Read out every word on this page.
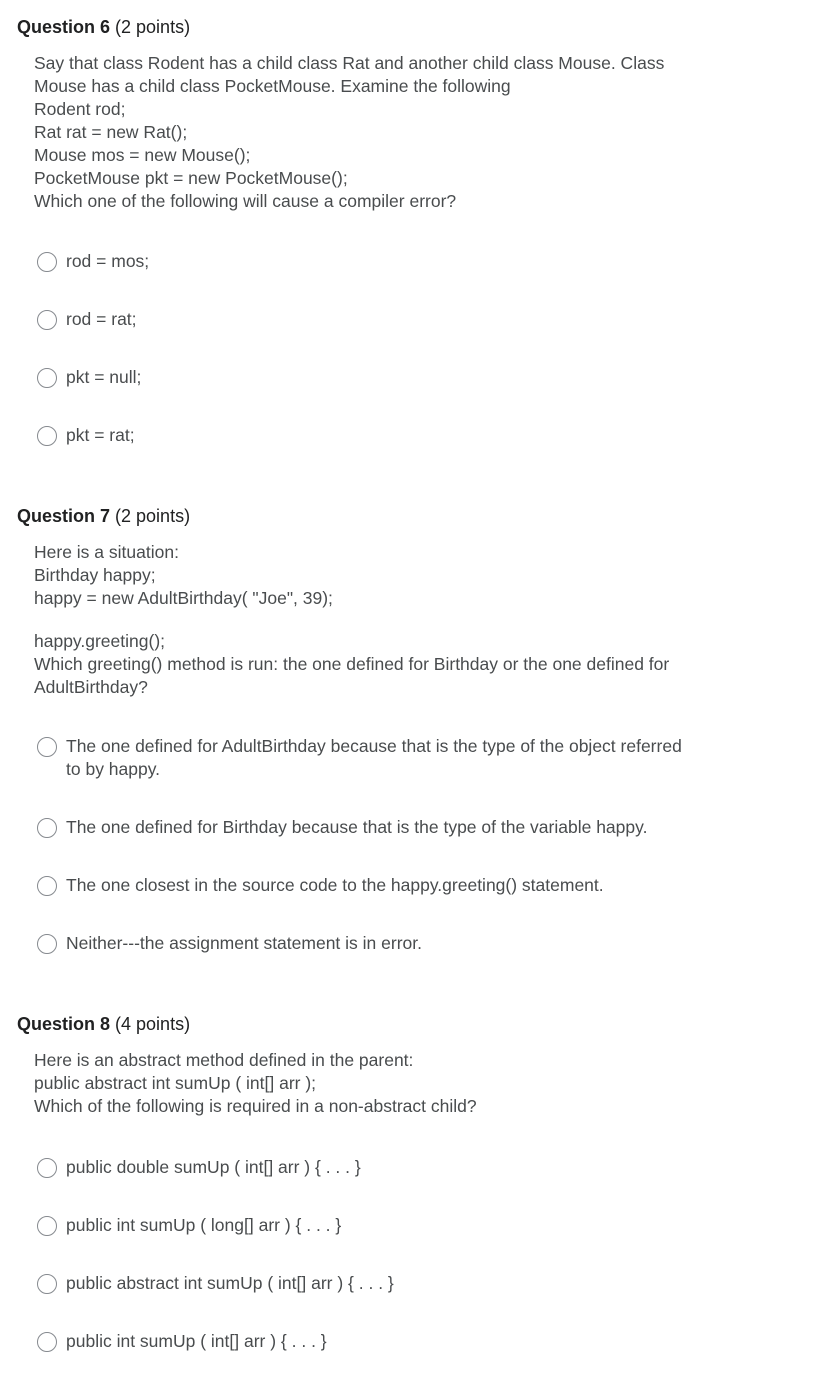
Question 6 (2 points)
Say that class Rodent has a child class Rat and another child class Mouse. Class
Mouse has a child class PocketMouse. Examine the following
Rodent rod;
Rat rat = new Rat();
Mouse mos = new Mouse();
PocketMouse pkt = new PocketMouse();
Which one of the following will cause a compiler error?
rod = mos;
rod = rat;
pkt = null;
pkt = rat;
Question 7 (2 points)
Here is a situation:
Birthday happy;
happy = new AdultBirthday( "Joe", 39);
happy.greeting();
Which greeting() method is run: the one defined for Birthday or the one defined for AdultBirthday?
The one defined for AdultBirthday because that is the type of the object referred to by happy.
The one defined for Birthday because that is the type of the variable happy.
The one closest in the source code to the happy.greeting() statement.
Neither---the assignment statement is in error.
Question 8 (4 points)
Here is an abstract method defined in the parent:
public abstract int sumUp ( int[] arr );
Which of the following is required in a non-abstract child?
public double sumUp ( int[] arr ) { . . . }
public int sumUp ( long[] arr ) { . . . }
public abstract int sumUp ( int[] arr ) { . . . }
public int sumUp ( int[] arr ) { . . . }
